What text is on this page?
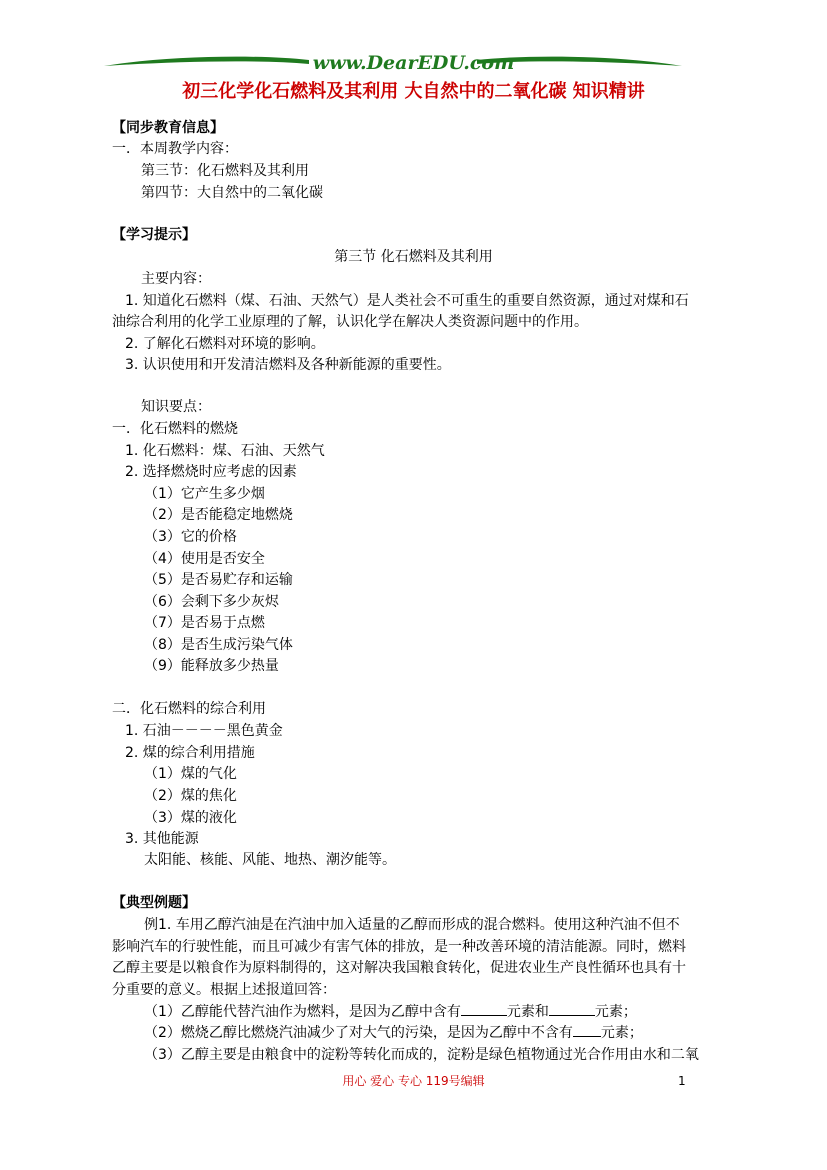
www.DearEDU.com
初三化学化石燃料及其利用 大自然中的二氧化碳 知识精讲
【同步教育信息】
一．本周教学内容：
第三节：化石燃料及其利用
第四节：大自然中的二氧化碳
【学习提示】
第三节 化石燃料及其利用
主要内容：
1. 知道化石燃料（煤、石油、天然气）是人类社会不可重生的重要自然资源，通过对煤和石
油综合利用的化学工业原理的了解，认识化学在解决人类资源问题中的作用。
2. 了解化石燃料对环境的影响。
3. 认识使用和开发清洁燃料及各种新能源的重要性。
知识要点：
一．化石燃料的燃烧
1. 化石燃料：煤、石油、天然气
2. 选择燃烧时应考虑的因素
（1）它产生多少烟
（2）是否能稳定地燃烧
（3）它的价格
（4）使用是否安全
（5）是否易贮存和运输
（6）会剩下多少灰烬
（7）是否易于点燃
（8）是否生成污染气体
（9）能释放多少热量
二．化石燃料的综合利用
1. 石油－－－－黑色黄金
2. 煤的综合利用措施
（1）煤的气化
（2）煤的焦化
（3）煤的液化
3. 其他能源
太阳能、核能、风能、地热、潮汐能等。
【典型例题】
例1. 车用乙醇汽油是在汽油中加入适量的乙醇而形成的混合燃料。使用这种汽油不但不
影响汽车的行驶性能，而且可减少有害气体的排放，是一种改善环境的清洁能源。同时，燃料
乙醇主要是以粮食作为原料制得的，这对解决我国粮食转化，促进农业生产良性循环也具有十
分重要的意义。根据上述报道回答：
（1）乙醇能代替汽油作为燃料，是因为乙醇中含有	元素和	元素；
（2）燃烧乙醇比燃烧汽油减少了对大气的污染，是因为乙醇中不含有 元素；
（3）乙醇主要是由粮食中的淀粉等转化而成的，淀粉是绿色植物通过光合作用由水和二氧
用心 爱心 专心 119号编辑	1
